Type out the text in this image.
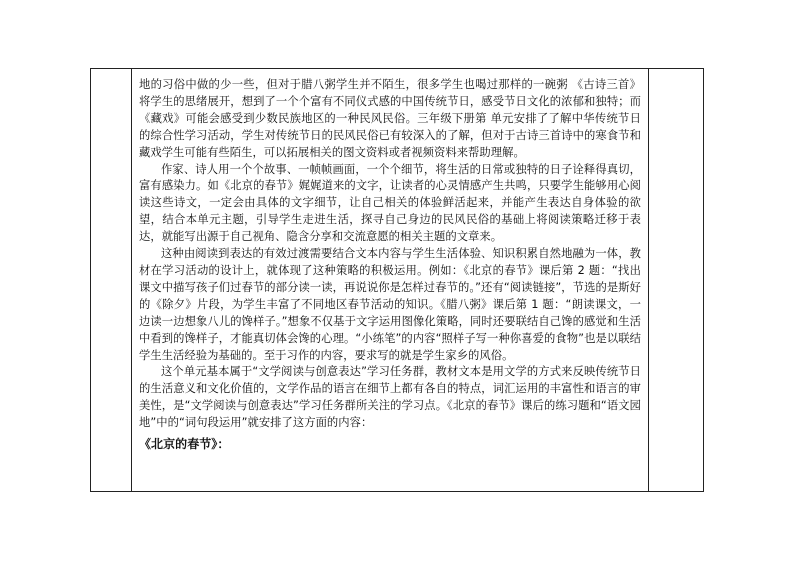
地的习俗中做的少一些，但对于腊八粥学生并不陌生，很多学生也喝过那样的一碗粥 《古诗三首》将学生的思绪展开，想到了一个个富有不同仪式感的中国传统节日，感受节日文化的浓郁和独特；而《藏戏》可能会感受到少数民族地区的一种民风民俗。三年级下册第 单元安排了了解中华传统节日的综合性学习活动，学生对传统节日的民风民俗已有较深入的了解，但对于古诗三首诗中的寒食节和藏戏学生可能有些陌生，可以拓展相关的图文资料或者视频资料来帮助理解。

作家、诗人用一个个故事、一帧帧画面，一个个细节，将生活的日常或独特的日子诠释得真切，富有感染力。如《北京的春节》娓娓道来的文字，让读者的心灵情感产生共鸣，只要学生能够用心阅读这些诗文，一定会由具体的文字细节，让自己相关的体验鲜活起来，并能产生表达自身体验的欲望，结合本单元主题，引导学生走进生活，探寻自己身边的民风民俗的基础上将阅读策略迁移于表达，就能写出源于自己视角、隐含分享和交流意愿的相关主题的文章来。

这种由阅读到表达的有效过渡需要结合文本内容与学生生活体验、知识积累自然地融为一体，教材在学习活动的设计上，就体现了这种策略的积极运用。例如：《北京的春节》课后第 2 题：“找出课文中描写孩子们过春节的部分读一读，再说说你是怎样过春节的。”还有“阅读链接”，节选的是斯好的《除夕》片段，为学生丰富了不同地区春节活动的知识。《腊八粥》课后第 1 题：“朗读课文，一边读一边想象八儿的馋样子。”想象不仅基于文字运用图像化策略，同时还要联结自己馋的感觉和生活中看到的馋样子，才能真切体会馋的心理。“小练笔”的内容“照样子写一种你喜爱的食物”也是以联结学生生活经验为基础的。至于习作的内容，要求写的就是学生家乡的风俗。

这个单元基本属于“文学阅读与创意表达”学习任务群，教材文本是用文学的方式来反映传统节日的生活意义和文化价值的，文学作品的语言在细节上都有各自的特点，词汇运用的丰富性和语言的审美性，是“文学阅读与创意表达”学习任务群所关注的学习点。《北京的春节》课后的练习题和“语文园地”中的“词句段运用”就安排了这方面的内容：

《北京的春节》：
